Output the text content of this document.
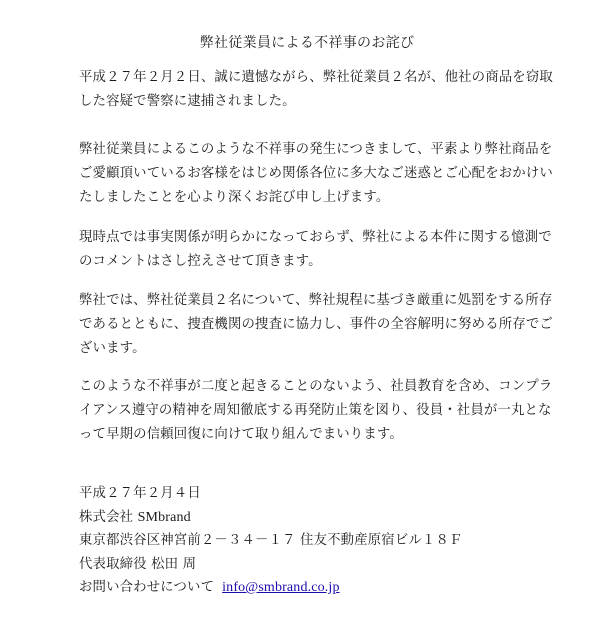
弊社従業員による不祥事のお詫び
平成２７年２月２日、誠に遺憾ながら、弊社従業員２名が、他社の商品を窃取
した容疑で警察に逮捕されました。
弊社従業員によるこのような不祥事の発生につきまして、平素より弊社商品を
ご愛顧頂いているお客様をはじめ関係各位に多大なご迷惑とご心配をおかけい
たしましたことを心より深くお詫び申し上げます。
現時点では事実関係が明らかになっておらず、弊社による本件に関する憶測で
のコメントはさし控えさせて頂きます。
弊社では、弊社従業員２名について、弊社規程に基づき厳重に処罰をする所存
であるとともに、捜査機関の捜査に協力し、事件の全容解明に努める所存でご
ざいます。
このような不祥事が二度と起きることのないよう、社員教育を含め、コンプラ
イアンス遵守の精神を周知徹底する再発防止策を図り、役員・社員が一丸とな
って早期の信頼回復に向けて取り組んでまいります。
平成２７年２月４日
株式会社 SMbrand
東京都渋谷区神宮前２－３４－１７ 住友不動産原宿ビル１８Ｆ
代表取締役 松田 周
お問い合わせについて info@smbrand.co.jp
